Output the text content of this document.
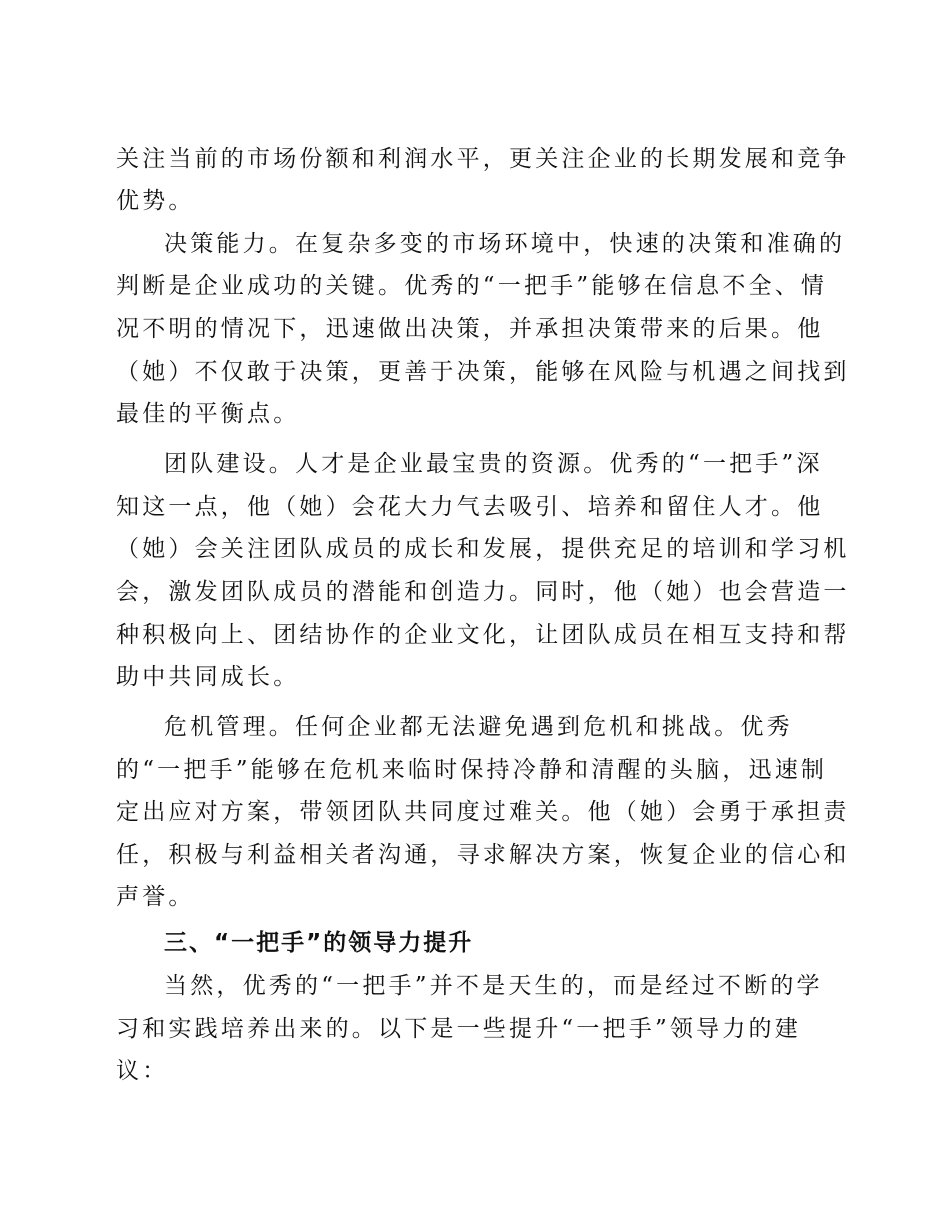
关注当前的市场份额和利润水平，更关注企业的长期发展和竞争
优势。
决策能力。在复杂多变的市场环境中，快速的决策和准确的
判断是企业成功的关键。优秀的“一把手”能够在信息不全、情
况不明的情况下，迅速做出决策，并承担决策带来的后果。他
（她）不仅敢于决策，更善于决策，能够在风险与机遇之间找到
最佳的平衡点。
团队建设。人才是企业最宝贵的资源。优秀的“一把手”深
知这一点，他（她）会花大力气去吸引、培养和留住人才。他
（她）会关注团队成员的成长和发展，提供充足的培训和学习机
会，激发团队成员的潜能和创造力。同时，他（她）也会营造一
种积极向上、团结协作的企业文化，让团队成员在相互支持和帮
助中共同成长。
危机管理。任何企业都无法避免遇到危机和挑战。优秀
的“一把手”能够在危机来临时保持冷静和清醒的头脑，迅速制
定出应对方案，带领团队共同度过难关。他（她）会勇于承担责
任，积极与利益相关者沟通，寻求解决方案，恢复企业的信心和
声誉。
三、“一把手”的领导力提升
当然，优秀的“一把手”并不是天生的，而是经过不断的学
习和实践培养出来的。以下是一些提升“一把手”领导力的建
议：
